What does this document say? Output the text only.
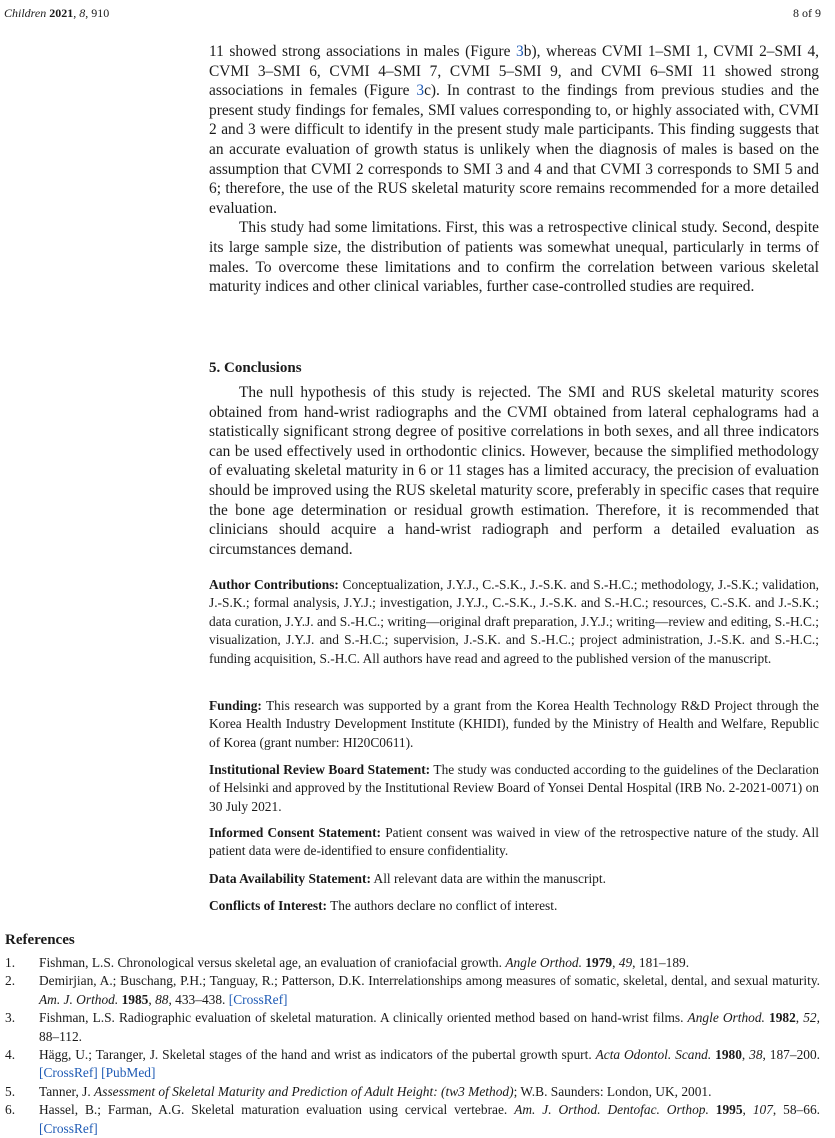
Children 2021, 8, 910	8 of 9

11 showed strong associations in males (Figure 3b), whereas CVMI 1–SMI 1, CVMI 2–SMI 4, CVMI 3–SMI 6, CVMI 4–SMI 7, CVMI 5–SMI 9, and CVMI 6–SMI 11 showed strong associations in females (Figure 3c). In contrast to the findings from previous studies and the present study findings for females, SMI values corresponding to, or highly associated with, CVMI 2 and 3 were difficult to identify in the present study male participants. This finding suggests that an accurate evaluation of growth status is unlikely when the diagnosis of males is based on the assumption that CVMI 2 corresponds to SMI 3 and 4 and that CVMI 3 corresponds to SMI 5 and 6; therefore, the use of the RUS skeletal maturity score remains recommended for a more detailed evaluation.

This study had some limitations. First, this was a retrospective clinical study. Second, despite its large sample size, the distribution of patients was somewhat unequal, particularly in terms of males. To overcome these limitations and to confirm the correlation between various skeletal maturity indices and other clinical variables, further case-controlled studies are required.

5. Conclusions

The null hypothesis of this study is rejected. The SMI and RUS skeletal maturity scores obtained from hand-wrist radiographs and the CVMI obtained from lateral cephalograms had a statistically significant strong degree of positive correlations in both sexes, and all three indicators can be used effectively used in orthodontic clinics. However, because the simplified methodology of evaluating skeletal maturity in 6 or 11 stages has a limited accuracy, the precision of evaluation should be improved using the RUS skeletal maturity score, preferably in specific cases that require the bone age determination or residual growth estimation. Therefore, it is recommended that clinicians should acquire a hand-wrist radiograph and perform a detailed evaluation as circumstances demand.

Author Contributions: Conceptualization, J.Y.J., C.-S.K., J.-S.K. and S.-H.C.; methodology, J.-S.K.; validation, J.-S.K.; formal analysis, J.Y.J.; investigation, J.Y.J., C.-S.K., J.-S.K. and S.-H.C.; resources, C.-S.K. and J.-S.K.; data curation, J.Y.J. and S.-H.C.; writing—original draft preparation, J.Y.J.; writing—review and editing, S.-H.C.; visualization, J.Y.J. and S.-H.C.; supervision, J.-S.K. and S.-H.C.; project administration, J.-S.K. and S.-H.C.; funding acquisition, S.-H.C. All authors have read and agreed to the published version of the manuscript.

Funding: This research was supported by a grant from the Korea Health Technology R&D Project through the Korea Health Industry Development Institute (KHIDI), funded by the Ministry of Health and Welfare, Republic of Korea (grant number: HI20C0611).

Institutional Review Board Statement: The study was conducted according to the guidelines of the Declaration of Helsinki and approved by the Institutional Review Board of Yonsei Dental Hospital (IRB No. 2-2021-0071) on 30 July 2021.

Informed Consent Statement: Patient consent was waived in view of the retrospective nature of the study. All patient data were de-identified to ensure confidentiality.

Data Availability Statement: All relevant data are within the manuscript.

Conflicts of Interest: The authors declare no conflict of interest.

References
1. Fishman, L.S. Chronological versus skeletal age, an evaluation of craniofacial growth. Angle Orthod. 1979, 49, 181–189.
2. Demirjian, A.; Buschang, P.H.; Tanguay, R.; Patterson, D.K. Interrelationships among measures of somatic, skeletal, dental, and sexual maturity. Am. J. Orthod. 1985, 88, 433–438. [CrossRef]
3. Fishman, L.S. Radiographic evaluation of skeletal maturation. A clinically oriented method based on hand-wrist films. Angle Orthod. 1982, 52, 88–112.
4. Hägg, U.; Taranger, J. Skeletal stages of the hand and wrist as indicators of the pubertal growth spurt. Acta Odontol. Scand. 1980, 38, 187–200. [CrossRef] [PubMed]
5. Tanner, J. Assessment of Skeletal Maturity and Prediction of Adult Height: (tw3 Method); W.B. Saunders: London, UK, 2001.
6. Hassel, B.; Farman, A.G. Skeletal maturation evaluation using cervical vertebrae. Am. J. Orthod. Dentofac. Orthop. 1995, 107, 58–66. [CrossRef]
